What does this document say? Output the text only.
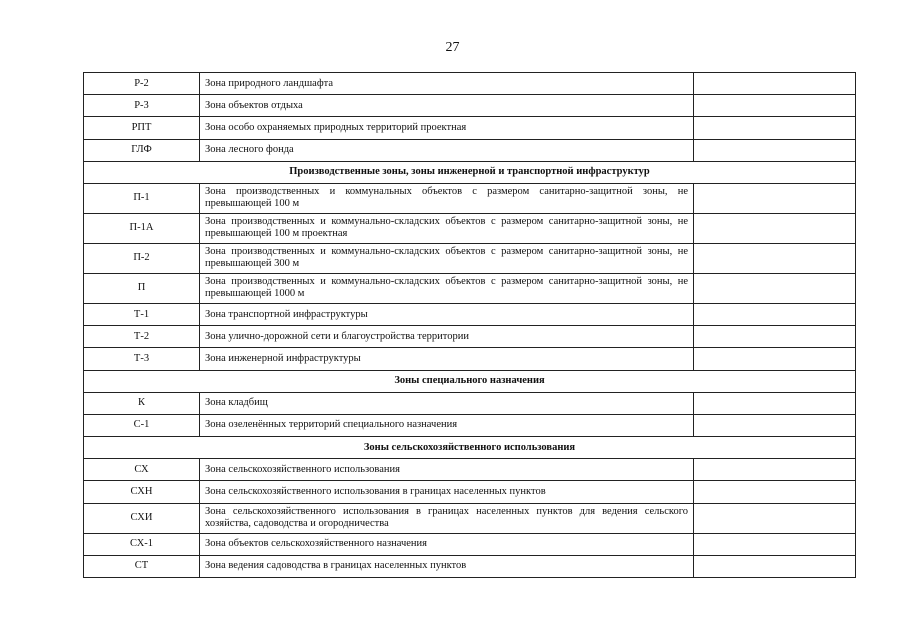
27
Р-2	Зона природного ландшафта	
Р-3	Зона объектов отдыха	
РПТ	Зона особо охраняемых природных территорий проектная	
ГЛФ	Зона лесного фонда	
Производственные зоны, зоны инженерной и транспортной инфраструктур		
П-1	Зона производственных и коммунальных объектов с размером санитарно-защитной зоны, не превышающей 100 м	
П-1А	Зона производственных и коммунально-складских объектов с размером санитарно-защитной зоны, не превышающей 100 м проектная	
П-2	Зона производственных и коммунально-складских объектов с размером санитарно-защитной зоны, не превышающей 300 м	
П	Зона производственных и коммунально-складских объектов с размером санитарно-защитной зоны, не превышающей 1000 м	
Т-1	Зона транспортной инфраструктуры	
Т-2	Зона улично-дорожной сети и благоустройства территории	
Т-3	Зона инженерной инфраструктуры	
Зоны специального назначения		
К	Зона кладбищ	
С-1	Зона озеленённых территорий специального назначения	
Зоны сельскохозяйственного использования		
СХ	Зона сельскохозяйственного использования	
СХН	Зона сельскохозяйственного использования в границах населенных пунктов	
СХИ	Зона сельскохозяйственного использования в границах населенных пунктов для ведения сельского хозяйства, садоводства и огородничества	
СХ-1	Зона объектов сельскохозяйственного назначения	
СТ	Зона ведения садоводства в границах населенных пунктов	
